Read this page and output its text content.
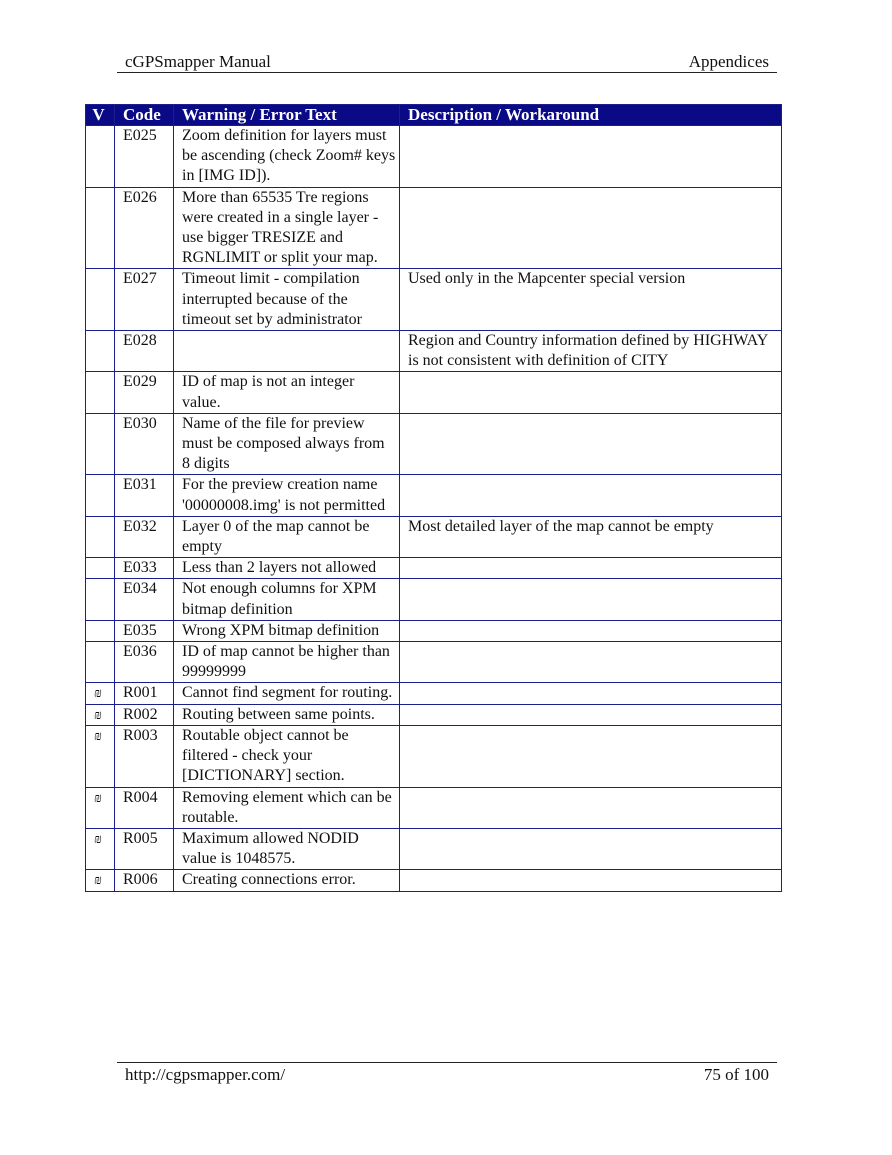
cGPSmapper Manual	Appendices
V	Code	Warning / Error Text	Description / Workaround
	E025	Zoom definition for layers must be ascending (check Zoom# keys in [IMG ID]).	
	E026	More than 65535 Tre regions were created in a single layer - use bigger TRESIZE and RGNLIMIT or split your map.	
	E027	Timeout limit - compilation interrupted because of the timeout set by administrator	Used only in the Mapcenter special version
	E028		Region and Country information defined by HIGHWAY is not consistent with definition of CITY
	E029	ID of map is not an integer value.	
	E030	Name of the file for preview must be composed always from 8 digits	
	E031	For the preview creation name '00000008.img' is not permitted	
	E032	Layer 0 of the map cannot be empty	Most detailed layer of the map cannot be empty
	E033	Less than 2 layers not allowed	
	E034	Not enough columns for XPM bitmap definition	
	E035	Wrong XPM bitmap definition	
	E036	ID of map cannot be higher than 99999999	
₪	R001	Cannot find segment for routing.	
₪	R002	Routing between same points.	
₪	R003	Routable object cannot be filtered - check your [DICTIONARY] section.	
₪	R004	Removing element which can be routable.	
₪	R005	Maximum allowed NODID value is 1048575.	
₪	R006	Creating connections error.	
http://cgpsmapper.com/	75 of 100
